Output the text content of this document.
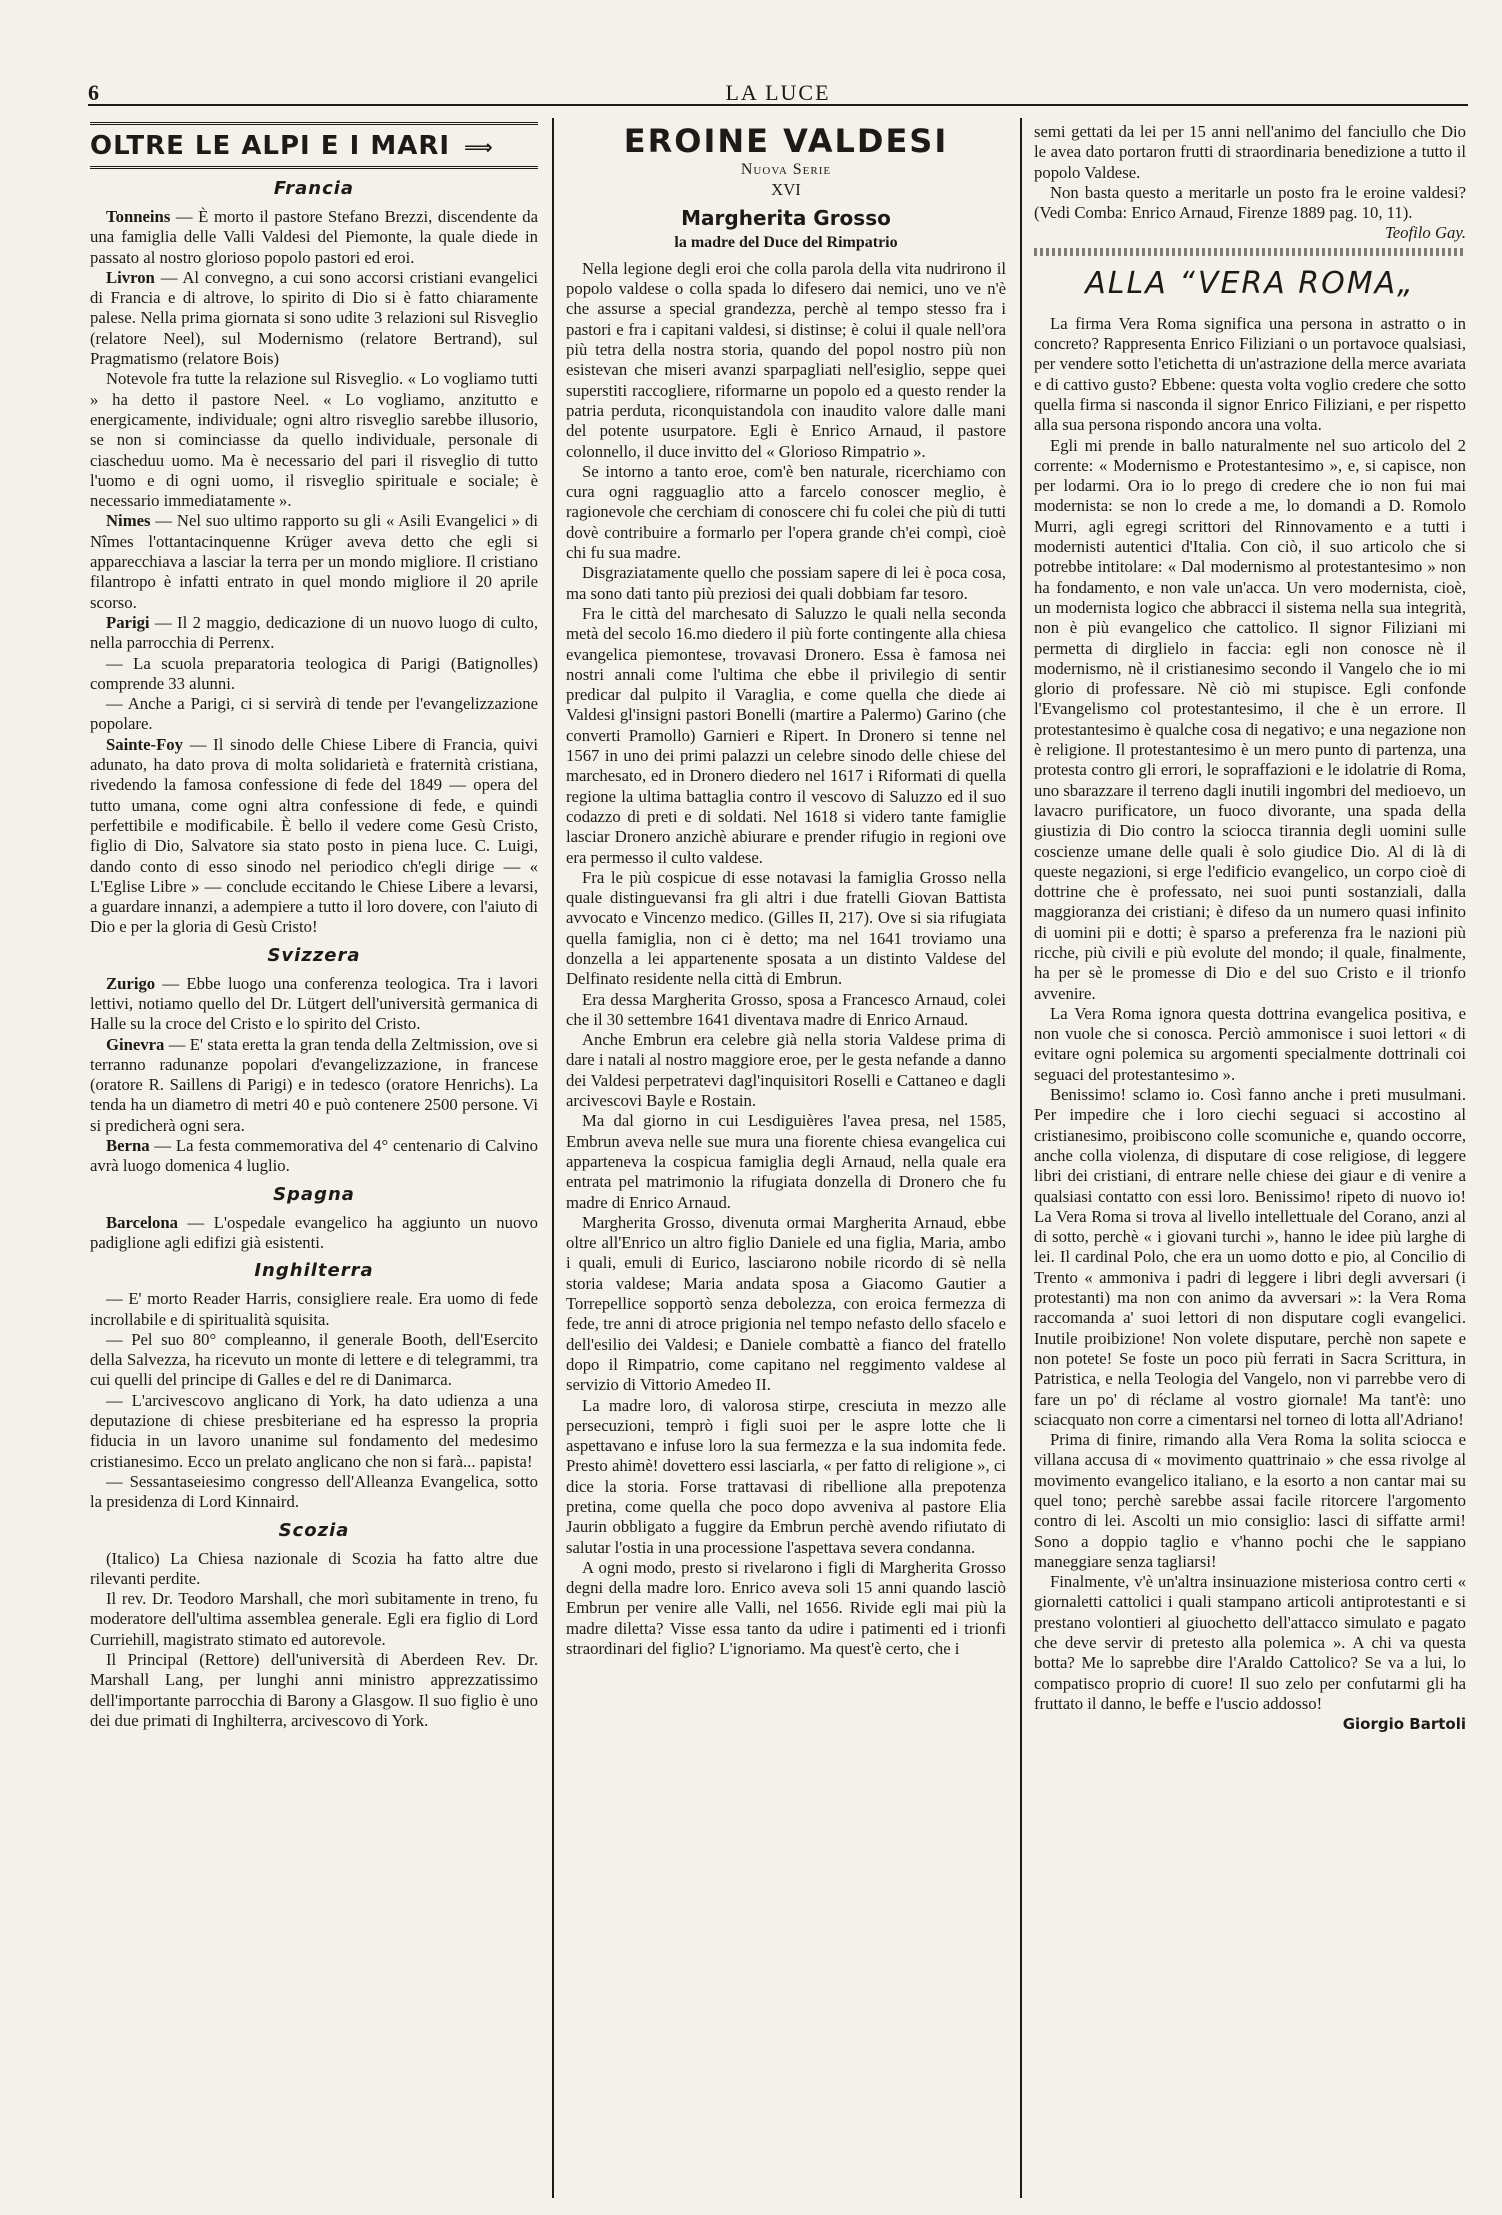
6	LA LUCE
OLTRE LE ALPI E I MARI ⟹
Francia

Tonneins — È morto il pastore Stefano Brezzi, discendente da una famiglia delle Valli Valdesi del Piemonte, la quale diede in passato al nostro glorioso popolo pastori ed eroi.

Livron — Al convegno, a cui sono accorsi cristiani evangelici di Francia e di altrove, lo spirito di Dio si è fatto chiaramente palese. Nella prima giornata si sono udite 3 relazioni sul Risveglio (relatore Neel), sul Modernismo (relatore Bertrand), sul Pragmatismo (relatore Bois)

Notevole fra tutte la relazione sul Risveglio. « Lo vogliamo tutti » ha detto il pastore Neel. « Lo vogliamo, anzitutto e energicamente, individuale; ogni altro risveglio sarebbe illusorio, se non si cominciasse da quello individuale, personale di ciascheduu uomo. Ma è necessario del pari il risveglio di tutto l'uomo e di ogni uomo, il risveglio spirituale e sociale; è necessario immediatamente ».

Nimes — Nel suo ultimo rapporto su gli « Asili Evangelici » di Nîmes l'ottantacinquenne Krüger aveva detto che egli si apparecchiava a lasciar la terra per un mondo migliore. Il cristiano filantropo è infatti entrato in quel mondo migliore il 20 aprile scorso.

Parigi — Il 2 maggio, dedicazione di un nuovo luogo di culto, nella parrocchia di Perrenx.

— La scuola preparatoria teologica di Parigi (Batignolles) comprende 33 alunni.

— Anche a Parigi, ci si servirà di tende per l'evangelizzazione popolare.

Sainte-Foy — Il sinodo delle Chiese Libere di Francia, quivi adunato, ha dato prova di molta solidarietà e fraternità cristiana, rivedendo la famosa confessione di fede del 1849 — opera del tutto umana, come ogni altra confessione di fede, e quindi perfettibile e modificabile. È bello il vedere come Gesù Cristo, figlio di Dio, Salvatore sia stato posto in piena luce. C. Luigi, dando conto di esso sinodo nel periodico ch'egli dirige — « L'Eglise Libre » — conclude eccitando le Chiese Libere a levarsi, a guardare innanzi, a adempiere a tutto il loro dovere, con l'aiuto di Dio e per la gloria di Gesù Cristo!

Svizzera

Zurigo — Ebbe luogo una conferenza teologica. Tra i lavori lettivi, notiamo quello del Dr. Lütgert dell'università germanica di Halle su la croce del Cristo e lo spirito del Cristo.

Ginevra — E' stata eretta la gran tenda della Zeltmission, ove si terranno radunanze popolari d'evangelizzazione, in francese (oratore R. Saillens di Parigi) e in tedesco (oratore Henrichs). La tenda ha un diametro di metri 40 e può contenere 2500 persone. Vi si predicherà ogni sera.

Berna — La festa commemorativa del 4° centenario di Calvino avrà luogo domenica 4 luglio.

Spagna

Barcelona — L'ospedale evangelico ha aggiunto un nuovo padiglione agli edifizi già esistenti.

Inghilterra

— E' morto Reader Harris, consigliere reale. Era uomo di fede incrollabile e di spiritualità squisita.

— Pel suo 80° compleanno, il generale Booth, dell'Esercito della Salvezza, ha ricevuto un monte di lettere e di telegrammi, tra cui quelli del principe di Galles e del re di Danimarca.

— L'arcivescovo anglicano di York, ha dato udienza a una deputazione di chiese presbiteriane ed ha espresso la propria fiducia in un lavoro unanime sul fondamento del medesimo cristianesimo. Ecco un prelato anglicano che non si farà... papista!

— Sessantaseiesimo congresso dell'Alleanza Evangelica, sotto la presidenza di Lord Kinnaird.

Scozia

(Italico) La Chiesa nazionale di Scozia ha fatto altre due rilevanti perdite.

Il rev. Dr. Teodoro Marshall, che morì subitamente in treno, fu moderatore dell'ultima assemblea generale. Egli era figlio di Lord Curriehill, magistrato stimato ed autorevole.

Il Principal (Rettore) dell'università di Aberdeen Rev. Dr. Marshall Lang, per lunghi anni ministro apprezzatissimo dell'importante parrocchia di Barony a Glasgow. Il suo figlio è uno dei due primati di Inghilterra, arcivescovo di York.

EROINE VALDESI

Nuova Serie

XVI

Margherita Grosso
la madre del Duce del Rimpatrio

Nella legione degli eroi che colla parola della vita nudrirono il popolo valdese o colla spada lo difesero dai nemici, uno ve n'è che assurse a special grandezza, perchè al tempo stesso fra i pastori e fra i capitani valdesi, si distinse; è colui il quale nell'ora più tetra della nostra storia, quando del popol nostro più non esistevan che miseri avanzi sparpagliati nell'esiglio, seppe quei superstiti raccogliere, riformarne un popolo ed a questo render la patria perduta, riconquistandola con inaudito valore dalle mani del potente usurpatore. Egli è Enrico Arnaud, il pastore colonnello, il duce invitto del « Glorioso Rimpatrio ».

Se intorno a tanto eroe, com'è ben naturale, ricerchiamo con cura ogni ragguaglio atto a farcelo conoscer meglio, è ragionevole che cerchiam di conoscere chi fu colei che più di tutti dovè contribuire a formarlo per l'opera grande ch'ei compì, cioè chi fu sua madre.

Disgraziatamente quello che possiam sapere di lei è poca cosa, ma sono dati tanto più preziosi dei quali dobbiam far tesoro.

Fra le città del marchesato di Saluzzo le quali nella seconda metà del secolo 16.mo diedero il più forte contingente alla chiesa evangelica piemontese, trovavasi Dronero. Essa è famosa nei nostri annali come l'ultima che ebbe il privilegio di sentir predicar dal pulpito il Varaglia, e come quella che diede ai Valdesi gl'insigni pastori Bonelli (martire a Palermo) Garino (che converti Pramollo) Garnieri e Ripert. In Dronero si tenne nel 1567 in uno dei primi palazzi un celebre sinodo delle chiese del marchesato, ed in Dronero diedero nel 1617 i Riformati di quella regione la ultima battaglia contro il vescovo di Saluzzo ed il suo codazzo di preti e di soldati. Nel 1618 si videro tante famiglie lasciar Dronero anzichè abiurare e prender rifugio in regioni ove era permesso il culto valdese.

Fra le più cospicue di esse notavasi la famiglia Grosso nella quale distinguevansi fra gli altri i due fratelli Giovan Battista avvocato e Vincenzo medico. (Gilles II, 217). Ove si sia rifugiata quella famiglia, non ci è detto; ma nel 1641 troviamo una donzella a lei appartenente sposata a un distinto Valdese del Delfinato residente nella città di Embrun.

Era dessa Margherita Grosso, sposa a Francesco Arnaud, colei che il 30 settembre 1641 diventava madre di Enrico Arnaud.

Anche Embrun era celebre già nella storia Valdese prima di dare i natali al nostro maggiore eroe, per le gesta nefande a danno dei Valdesi perpetratevi dagl'inquisitori Roselli e Cattaneo e dagli arcivescovi Bayle e Rostain.

Ma dal giorno in cui Lesdiguières l'avea presa, nel 1585, Embrun aveva nelle sue mura una fiorente chiesa evangelica cui apparteneva la cospicua famiglia degli Arnaud, nella quale era entrata pel matrimonio la rifugiata donzella di Dronero che fu madre di Enrico Arnaud.

Margherita Grosso, divenuta ormai Margherita Arnaud, ebbe oltre all'Enrico un altro figlio Daniele ed una figlia, Maria, ambo i quali, emuli di Eurico, lasciarono nobile ricordo di sè nella storia valdese; Maria andata sposa a Giacomo Gautier a Torrepellice sopportò senza debolezza, con eroica fermezza di fede, tre anni di atroce prigionia nel tempo nefasto dello sfacelo e dell'esilio dei Valdesi; e Daniele combattè a fianco del fratello dopo il Rimpatrio, come capitano nel reggimento valdese al servizio di Vittorio Amedeo II.

La madre loro, di valorosa stirpe, cresciuta in mezzo alle persecuzioni, temprò i figli suoi per le aspre lotte che li aspettavano e infuse loro la sua fermezza e la sua indomita fede. Presto ahimè! dovettero essi lasciarla, « per fatto di religione », ci dice la storia. Forse trattavasi di ribellione alla prepotenza pretina, come quella che poco dopo avveniva al pastore Elia Jaurin obbligato a fuggire da Embrun perchè avendo rifiutato di salutar l'ostia in una processione l'aspettava severa condanna.

A ogni modo, presto si rivelarono i figli di Margherita Grosso degni della madre loro. Enrico aveva soli 15 anni quando lasciò Embrun per venire alle Valli, nel 1656. Rivide egli mai più la madre diletta? Visse essa tanto da udire i patimenti ed i trionfi straordinari del figlio? L'ignoriamo. Ma quest'è certo, che i

semi gettati da lei per 15 anni nell'animo del fanciullo che Dio le avea dato portaron frutti di straordinaria benedizione a tutto il popolo Valdese.

Non basta questo a meritarle un posto fra le eroine valdesi? (Vedi Comba: Enrico Arnaud, Firenze 1889 pag. 10, 11).

Teofilo Gay.

ALLA “VERA ROMA„

La firma Vera Roma significa una persona in astratto o in concreto? Rappresenta Enrico Filiziani o un portavoce qualsiasi, per vendere sotto l'etichetta di un'astrazione della merce avariata e di cattivo gusto? Ebbene: questa volta voglio credere che sotto quella firma si nasconda il signor Enrico Filiziani, e per rispetto alla sua persona rispondo ancora una volta.

Egli mi prende in ballo naturalmente nel suo articolo del 2 corrente: « Modernismo e Protestantesimo », e, si capisce, non per lodarmi. Ora io lo prego di credere che io non fui mai modernista: se non lo crede a me, lo domandi a D. Romolo Murri, agli egregi scrittori del Rinnovamento e a tutti i modernisti autentici d'Italia. Con ciò, il suo articolo che si potrebbe intitolare: « Dal modernismo al protestantesimo » non ha fondamento, e non vale un'acca. Un vero modernista, cioè, un modernista logico che abbracci il sistema nella sua integrità, non è più evangelico che cattolico. Il signor Filiziani mi permetta di dirglielo in faccia: egli non conosce nè il modernismo, nè il cristianesimo secondo il Vangelo che io mi glorio di professare. Nè ciò mi stupisce. Egli confonde l'Evangelismo col protestantesimo, il che è un errore. Il protestantesimo è qualche cosa di negativo; e una negazione non è religione. Il protestantesimo è un mero punto di partenza, una protesta contro gli errori, le sopraffazioni e le idolatrie di Roma, uno sbarazzare il terreno dagli inutili ingombri del medioevo, un lavacro purificatore, un fuoco divorante, una spada della giustizia di Dio contro la sciocca tirannia degli uomini sulle coscienze umane delle quali è solo giudice Dio. Al di là di queste negazioni, si erge l'edificio evangelico, un corpo cioè di dottrine che è professato, nei suoi punti sostanziali, dalla maggioranza dei cristiani; è difeso da un numero quasi infinito di uomini pii e dotti; è sparso a preferenza fra le nazioni più ricche, più civili e più evolute del mondo; il quale, finalmente, ha per sè le promesse di Dio e del suo Cristo e il trionfo avvenire.

La Vera Roma ignora questa dottrina evangelica positiva, e non vuole che si conosca. Perciò ammonisce i suoi lettori « di evitare ogni polemica su argomenti specialmente dottrinali coi seguaci del protestantesimo ».

Benissimo! sclamo io. Così fanno anche i preti musulmani. Per impedire che i loro ciechi seguaci si accostino al cristianesimo, proibiscono colle scomuniche e, quando occorre, anche colla violenza, di disputare di cose religiose, di leggere libri dei cristiani, di entrare nelle chiese dei giaur e di venire a qualsiasi contatto con essi loro. Benissimo! ripeto di nuovo io! La Vera Roma si trova al livello intellettuale del Corano, anzi al di sotto, perchè « i giovani turchi », hanno le idee più larghe di lei. Il cardinal Polo, che era un uomo dotto e pio, al Concilio di Trento « ammoniva i padri di leggere i libri degli avversari (i protestanti) ma non con animo da avversari »: la Vera Roma raccomanda a' suoi lettori di non disputare cogli evangelici. Inutile proibizione! Non volete disputare, perchè non sapete e non potete! Se foste un poco più ferrati in Sacra Scrittura, in Patristica, e nella Teologia del Vangelo, non vi parrebbe vero di fare un po' di réclame al vostro giornale! Ma tant'è: uno sciacquato non corre a cimentarsi nel torneo di lotta all'Adriano!

Prima di finire, rimando alla Vera Roma la solita sciocca e villana accusa di « movimento quattrinaio » che essa rivolge al movimento evangelico italiano, e la esorto a non cantar mai su quel tono; perchè sarebbe assai facile ritorcere l'argomento contro di lei. Ascolti un mio consiglio: lasci di siffatte armi! Sono a doppio taglio e v'hanno pochi che le sappiano maneggiare senza tagliarsi!

Finalmente, v'è un'altra insinuazione misteriosa contro certi « giornaletti cattolici i quali stampano articoli antiprotestanti e si prestano volontieri al giuochetto dell'attacco simulato e pagato che deve servir di pretesto alla polemica ». A chi va questa botta? Me lo saprebbe dire l'Araldo Cattolico? Se va a lui, lo compatisco proprio di cuore! Il suo zelo per confutarmi gli ha fruttato il danno, le beffe e l'uscio addosso!

Giorgio Bartoli
